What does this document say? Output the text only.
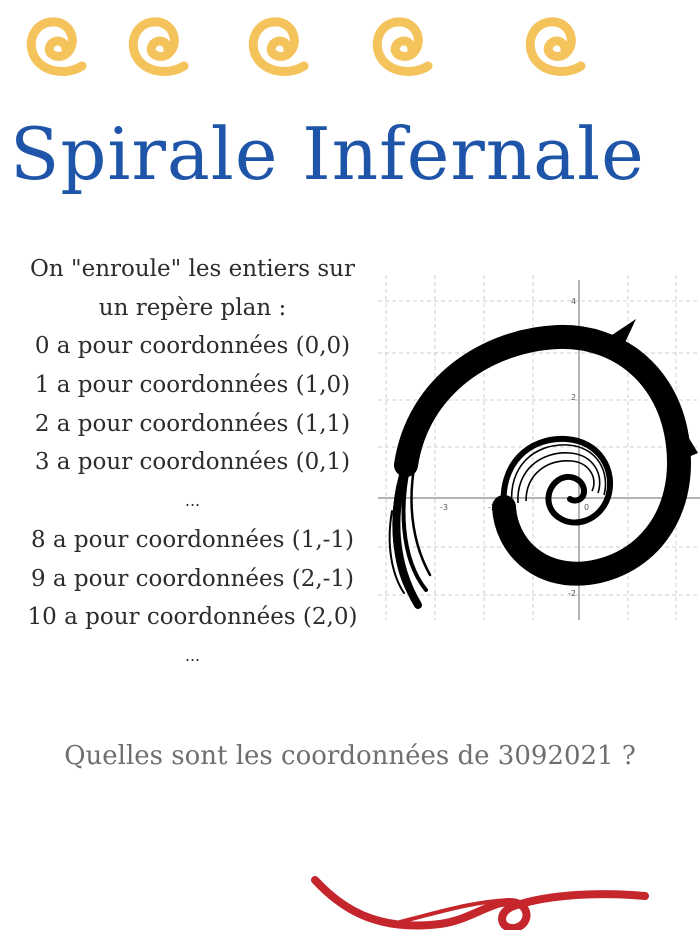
Spirale Infernale
On "enroule" les entiers sur
un repère plan :
0 a pour coordonnées (0,0)
1 a pour coordonnées (1,0)
2 a pour coordonnées (1,1)
3 a pour coordonnées (0,1)
...
8 a pour coordonnées (1,-1)
9 a pour coordonnées (2,-1)
10 a pour coordonnées (2,0)
...
-3	-2	0
4
2
-2

Quelles sont les coordonnées de 3092021 ?
